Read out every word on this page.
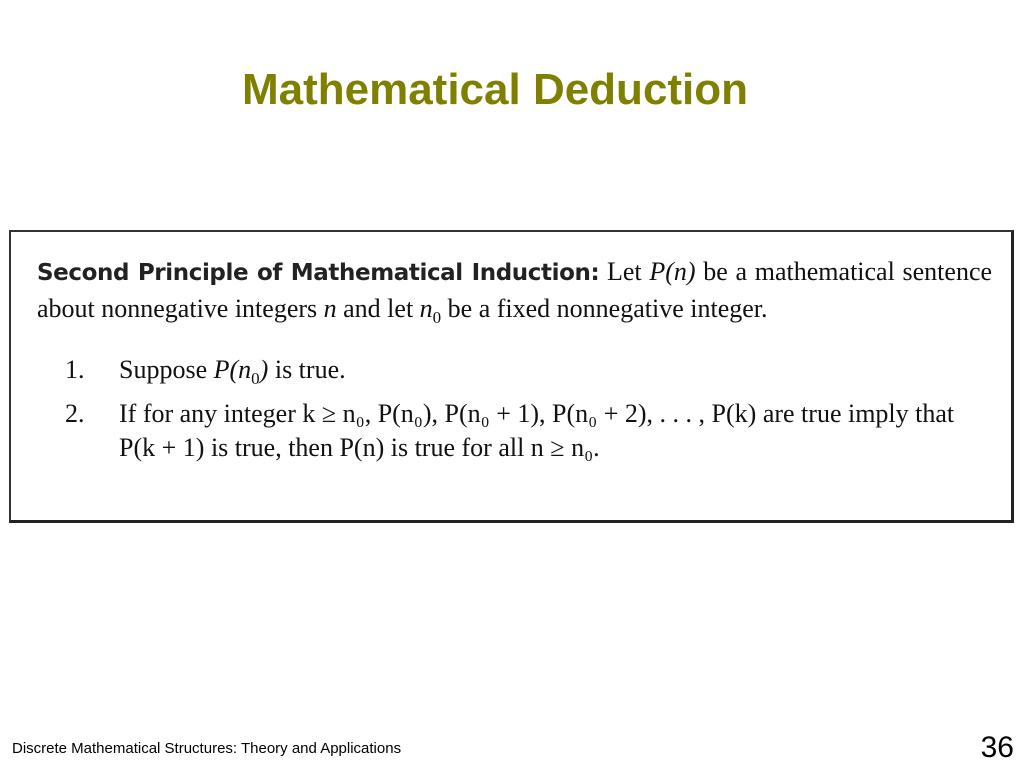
Mathematical Deduction

Second Principle of Mathematical Induction: Let P(n) be a mathematical sentence about nonnegative integers n and let $n_0$ be a fixed nonnegative integer.

1. Suppose $P(n_0)$ is true.
2. If for any integer k ≥ n₀, P(n₀), P(n₀ + 1), P(n₀ + 2), . . . , P(k) are true imply that P(k + 1) is true, then P(n) is true for all n ≥ n₀.
Discrete Mathematical Structures: Theory and Applications	36
